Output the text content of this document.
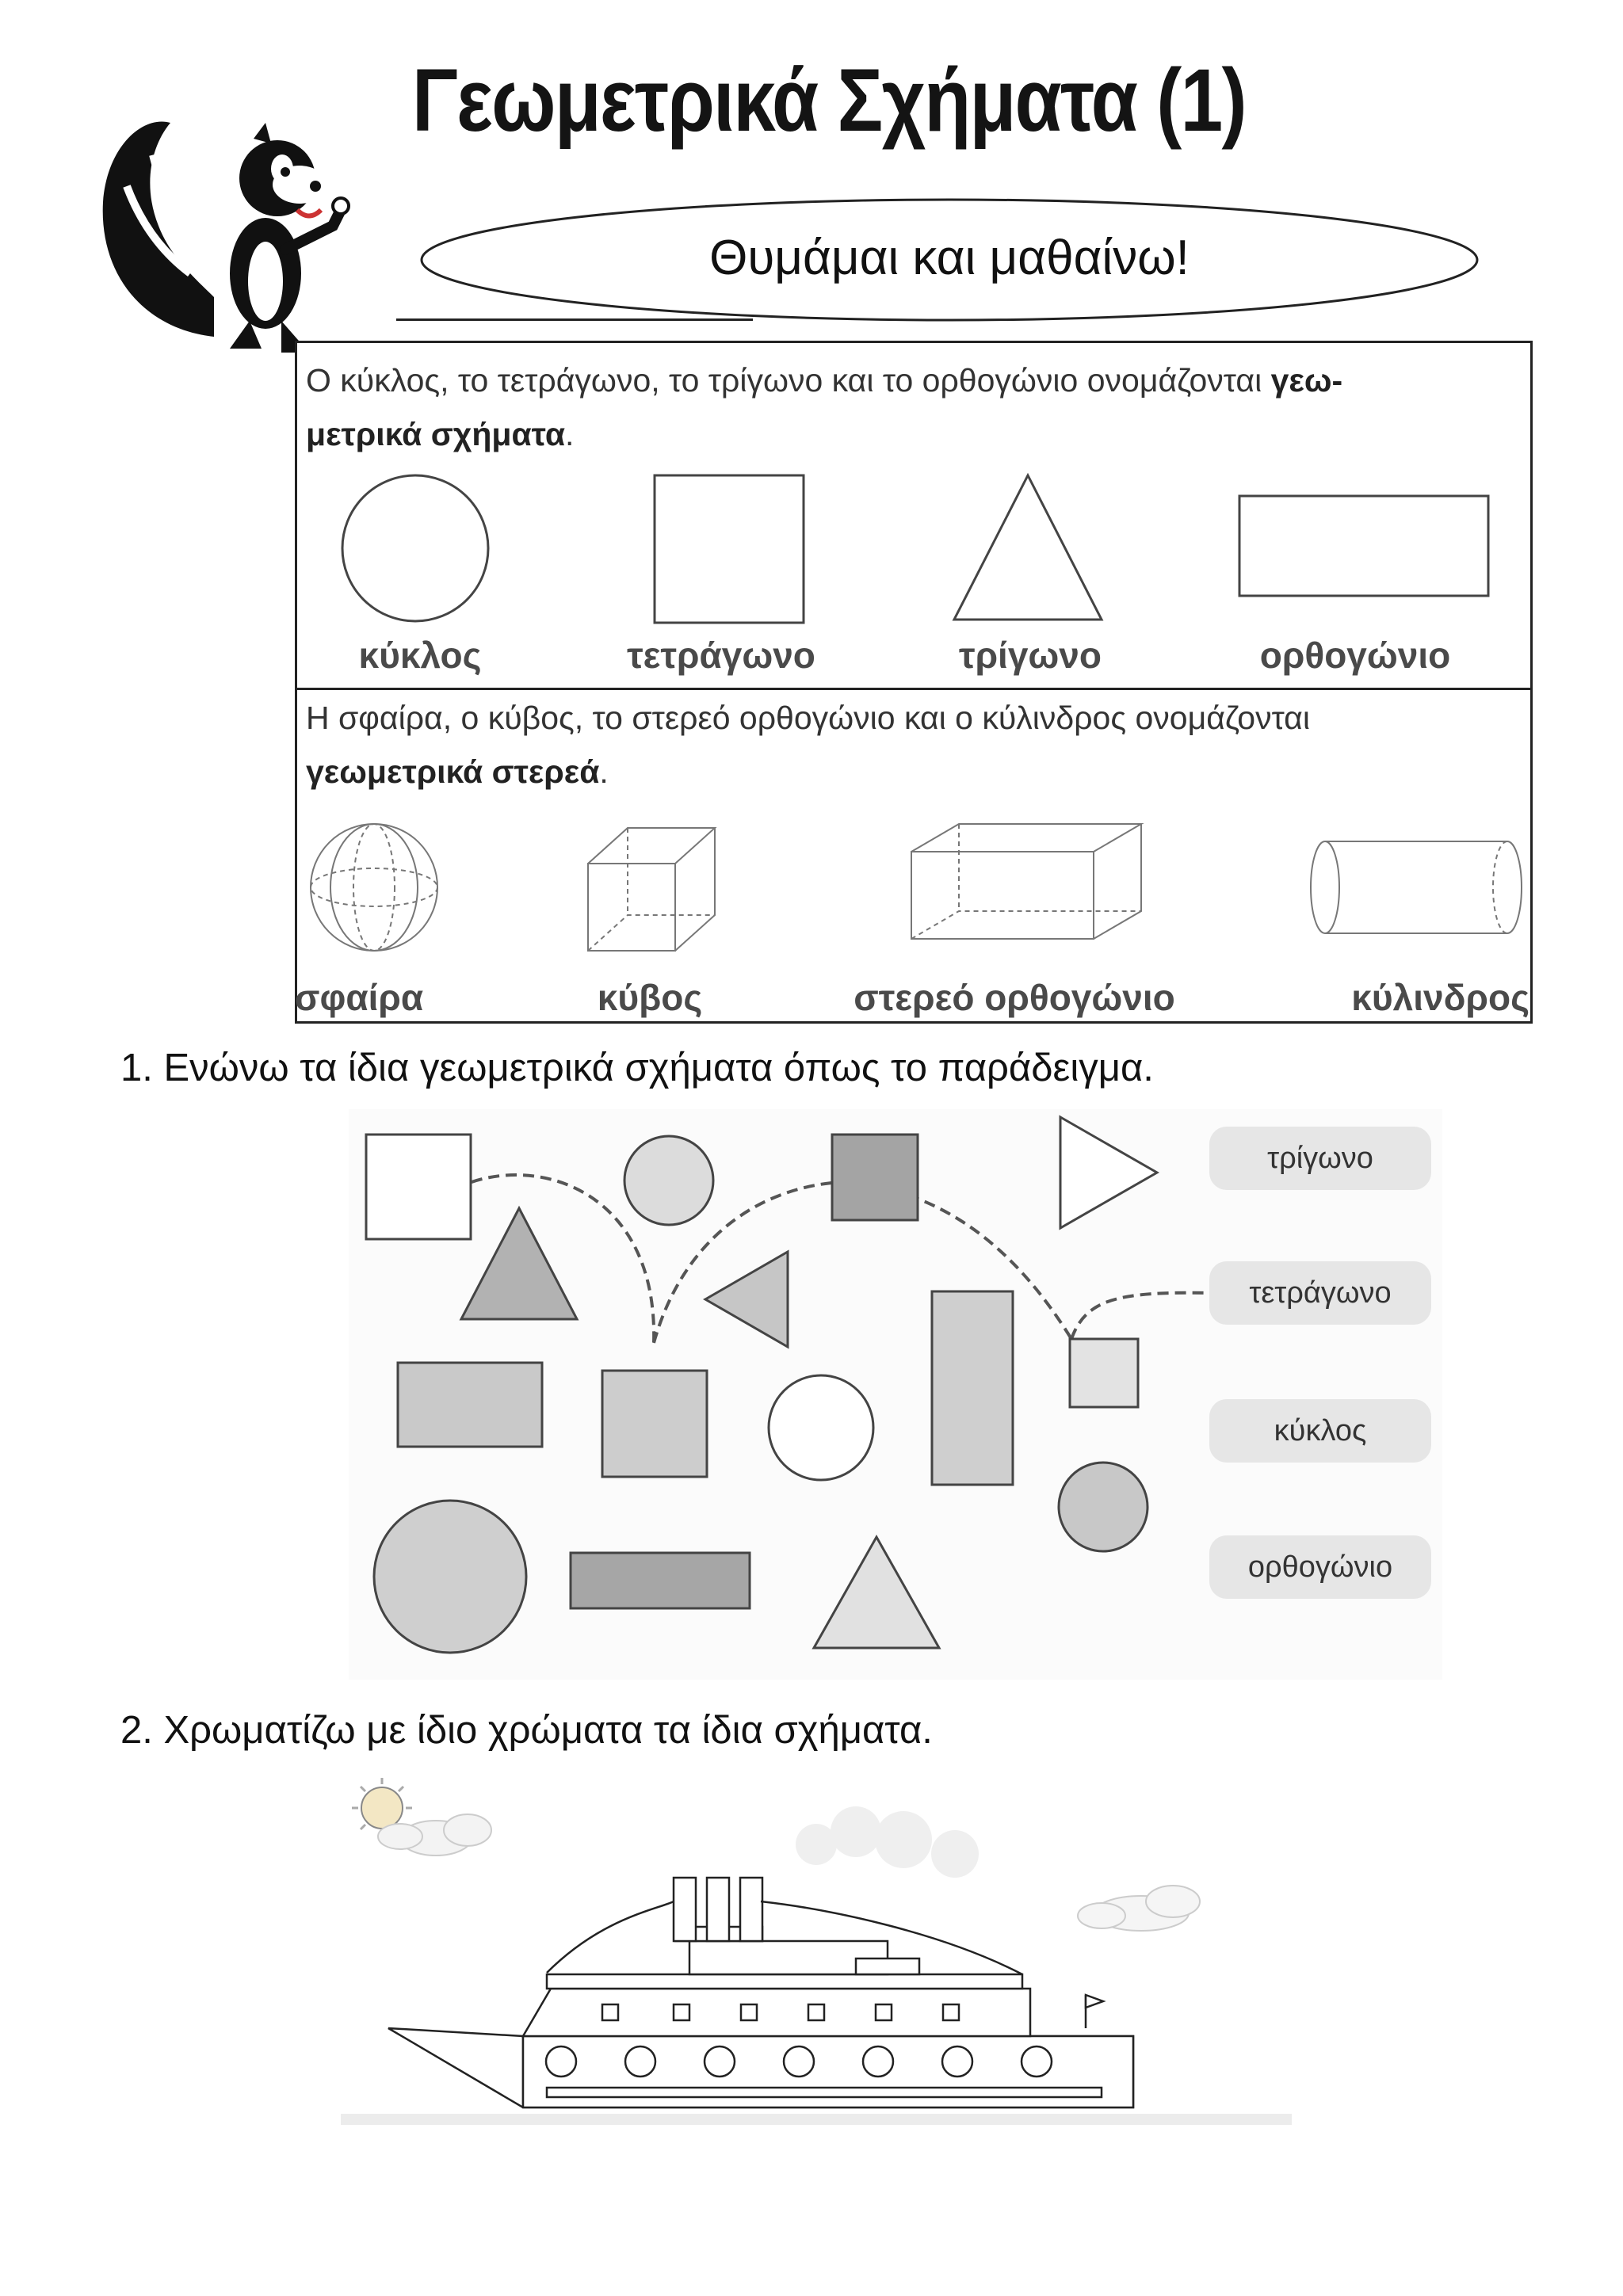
Γεωμετρικά Σχήματα (1)
Θυμάμαι και μαθαίνω!
Ο κύκλος, το τετράγωνο, το τρίγωνο και το ορθογώνιο ονομάζονται γεω-
μετρικά σχήματα.
κύκλος	τετράγωνο	τρίγωνο	ορθογώνιο
Η σφαίρα, ο κύβος, το στερεό ορθογώνιο και ο κύλινδρος ονομάζονται
γεωμετρικά στερεά.
σφαίρα	κύβος	στερεό ορθογώνιο	κύλινδρος
1. Ενώνω τα ίδια γεωμετρικά σχήματα όπως το παράδειγμα.
τρίγωνο
τετράγωνο
κύκλος
ορθογώνιο
2. Χρωματίζω με ίδιο χρώματα τα ίδια σχήματα.
